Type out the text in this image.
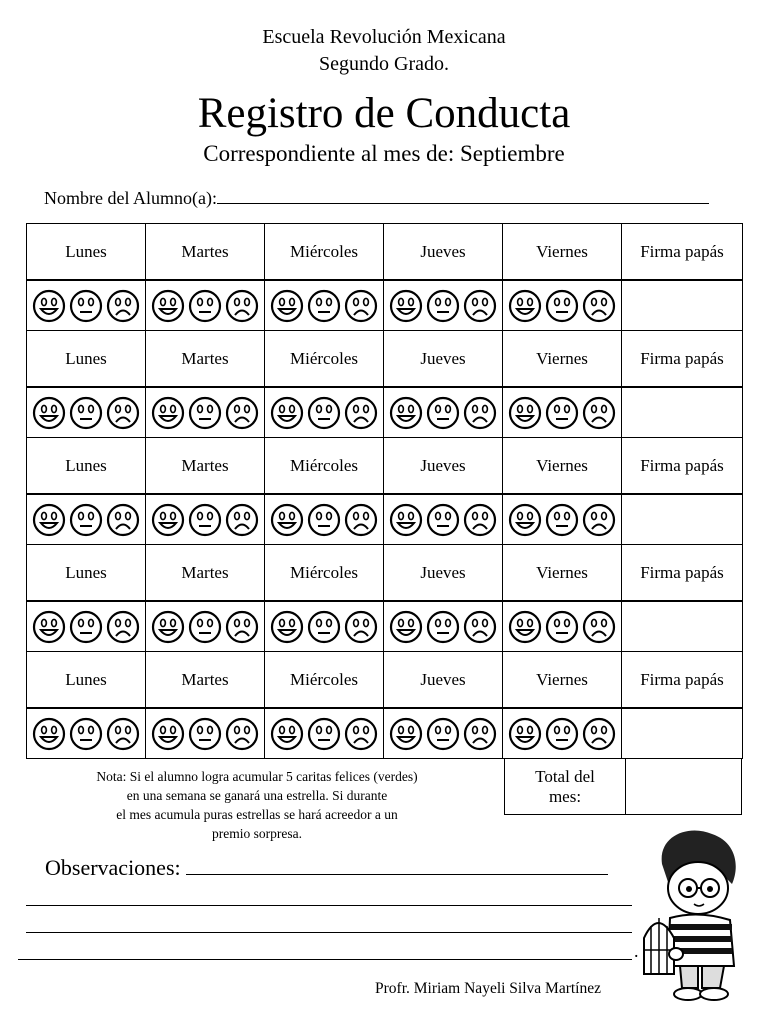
Escuela Revolución Mexicana
Segundo Grado.
Registro de Conducta
Correspondiente al mes de: Septiembre
Nombre del Alumno(a):
Lunes	Martes	Miércoles	Jueves	Viernes	Firma papás

Lunes	Martes	Miércoles	Jueves	Viernes	Firma papás

Lunes	Martes	Miércoles	Jueves	Viernes	Firma papás

Lunes	Martes	Miércoles	Jueves	Viernes	Firma papás

Lunes	Martes	Miércoles	Jueves	Viernes	Firma papás

Nota: Si el alumno logra acumular 5 caritas felices (verdes)
en una semana se ganará una estrella. Si durante
el mes acumula puras estrellas se hará acreedor a un
premio sorpresa.
Total del
mes:

Observaciones:
.
Profr. Miriam Nayeli Silva Martínez
